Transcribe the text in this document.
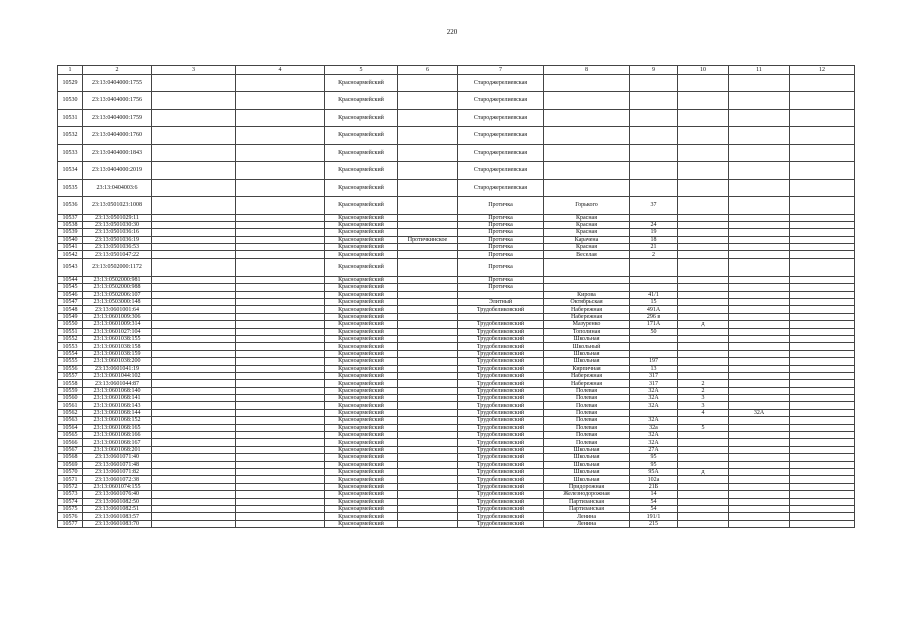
220
1	2	3	4	5	6	7	8	9	10	11	12
10529	23:13:0404000:1755			Красноармейский		Староджерелиевская					
10530	23:13:0404000:1756			Красноармейский		Староджерелиевская					
10531	23:13:0404000:1759			Красноармейский		Староджерелиевская					
10532	23:13:0404000:1760			Красноармейский		Староджерелиевская					
10533	23:13:0404000:1843			Красноармейский		Староджерелиевская					
10534	23:13:0404000:2019			Красноармейский		Староджерелиевская					
10535	23:13:0404003:6			Красноармейский		Староджерелиевская					
10536	23:13:0501023:1008			Красноармейский		Протичка	Горького	37			
10537	23:13:0501029:11			Красноармейский		Протичка	Красная				
10538	23:13:0501030:30			Красноармейский		Протичка	Красная	24			
10539	23:13:0501036:16			Красноармейский		Протичка	Красная	19			
10540	23:13:0501036:19			Красноармейский	Протичкинское	Протичка	Карачена	18			
10541	23:13:0501036:53			Красноармейский		Протичка	Красная	21			
10542	23:13:0501047:22			Красноармейский		Протичка	Веселая	2			
10543	23:13:0502000:1172			Красноармейский		Протичка					
10544	23:13:0502000:981			Красноармейский		Протичка					
10545	23:13:0502000:988			Красноармейский		Протичка					
10546	23:13:0502006:107			Красноармейский			Кирова	41/1			
10547	23:13:0503000:148			Красноармейский		Элитный	Октябрьская	15			
10548	23:13:0601001:64			Красноармейский		Трудобеликовский	Набережная	491А			
10549	23:13:0601009:306			Красноармейский			Набережная	296 в			
10550	23:13:0601009:314			Красноармейский		Трудобеликовский	Мазуренко	171А	д		
10551	23:13:0601027:104			Красноармейский		Трудобеликовский	Тополиная	50			
10552	23:13:0601038:155			Красноармейский		Трудобеликовский	Школьная				
10553	23:13:0601038:158			Красноармейский		Трудобеликовский	Школьный				
10554	23:13:0601038:159			Красноармейский		Трудобеликовский	Школьная				
10555	23:13:0601038:200			Красноармейский		Трудобеликовский	Школьная	197			
10556	23:13:0601041:19			Красноармейский		Трудобеликовский	Кирпичная	13			
10557	23:13:0601044:102			Красноармейский		Трудобеликовский	Набережная	317			
10558	23:13:0601044:87			Красноармейский		Трудобеликовский	Набережная	317	2		
10559	23:13:0601068:140			Красноармейский		Трудобеликовский	Полевая	32А	2		
10560	23:13:0601068:141			Красноармейский		Трудобеликовский	Полевая	32А	3		
10561	23:13:0601068:143			Красноармейский		Трудобеликовский	Полевая	32А	3		
10562	23:13:0601068:144			Красноармейский		Трудобеликовский	Полевая		4	32А	
10563	23:13:0601068:152			Красноармейский		Трудобеликовский	Полевая	32А			
10564	23:13:0601068:165			Красноармейский		Трудобеликовский	Полевая	32а	5		
10565	23:13:0601068:166			Красноармейский		Трудобеликовский	Полевая	32А			
10566	23:13:0601068:167			Красноармейский		Трудобеликовский	Полевая	32А			
10567	23:13:0601068:201			Красноармейский		Трудобеликовский	Школьная	27А			
10568	23:13:0601071:40			Красноармейский		Трудобеликовский	Школьная	95			
10569	23:13:0601071:48			Красноармейский		Трудобеликовский	Школьная	95			
10570	23:13:0601071:82			Красноармейский		Трудобеликовский	Школьная	95А	д		
10571	23:13:0601072:38			Красноармейский		Трудобеликовский	Школьная	102а			
10572	23:13:0601074:155			Красноармейский		Трудобеликовский	Придорожная	21Б			
10573	23:13:0601076:40			Красноармейский		Трудобеликовский	Железнодорожная	14			
10574	23:13:0601082:50			Красноармейский		Трудобеликовский	Партизанская	54			
10575	23:13:0601082:51			Красноармейский		Трудобеликовский	Партизанская	54			
10576	23:13:0601083:57			Красноармейский		Трудобеликовский	Ленина	191/1			
10577	23:13:0601083:70			Красноармейский		Трудобеликовский	Ленина	215			
